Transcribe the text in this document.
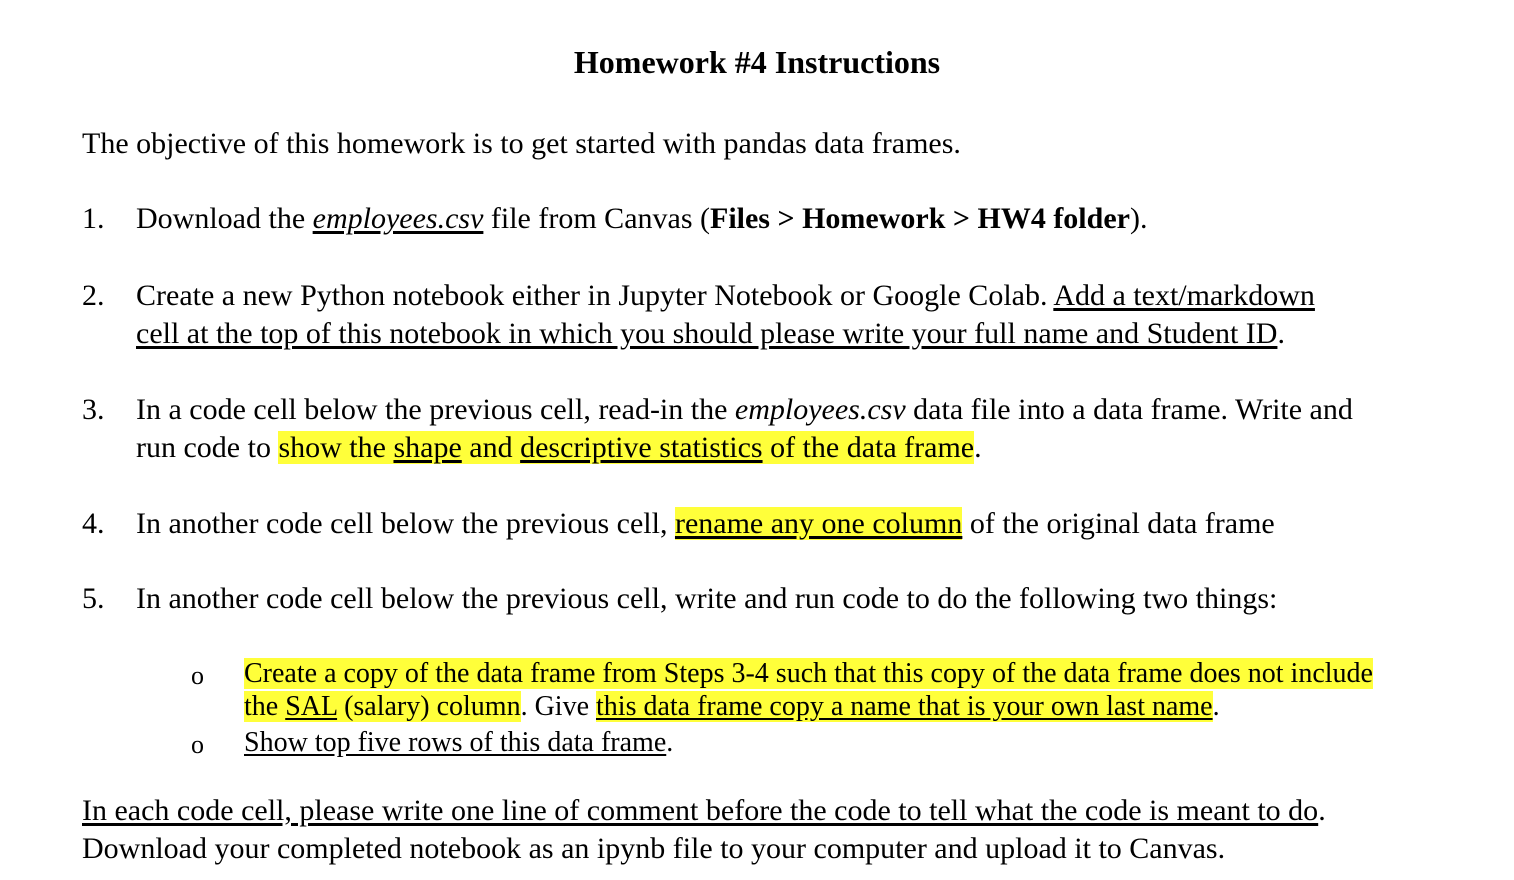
Homework #4 Instructions
The objective of this homework is to get started with pandas data frames.
1. Download the employees.csv file from Canvas (Files > Homework > HW4 folder).
2. Create a new Python notebook either in Jupyter Notebook or Google Colab. Add a text/markdown
cell at the top of this notebook in which you should please write your full name and Student ID.
3. In a code cell below the previous cell, read-in the employees.csv data file into a data frame. Write and
run code to show the shape and descriptive statistics of the data frame.
4. In another code cell below the previous cell, rename any one column of the original data frame
5. In another code cell below the previous cell, write and run code to do the following two things:
o Create a copy of the data frame from Steps 3-4 such that this copy of the data frame does not include
the SAL (salary) column. Give this data frame copy a name that is your own last name.
o Show top five rows of this data frame.
In each code cell, please write one line of comment before the code to tell what the code is meant to do.
Download your completed notebook as an ipynb file to your computer and upload it to Canvas.
